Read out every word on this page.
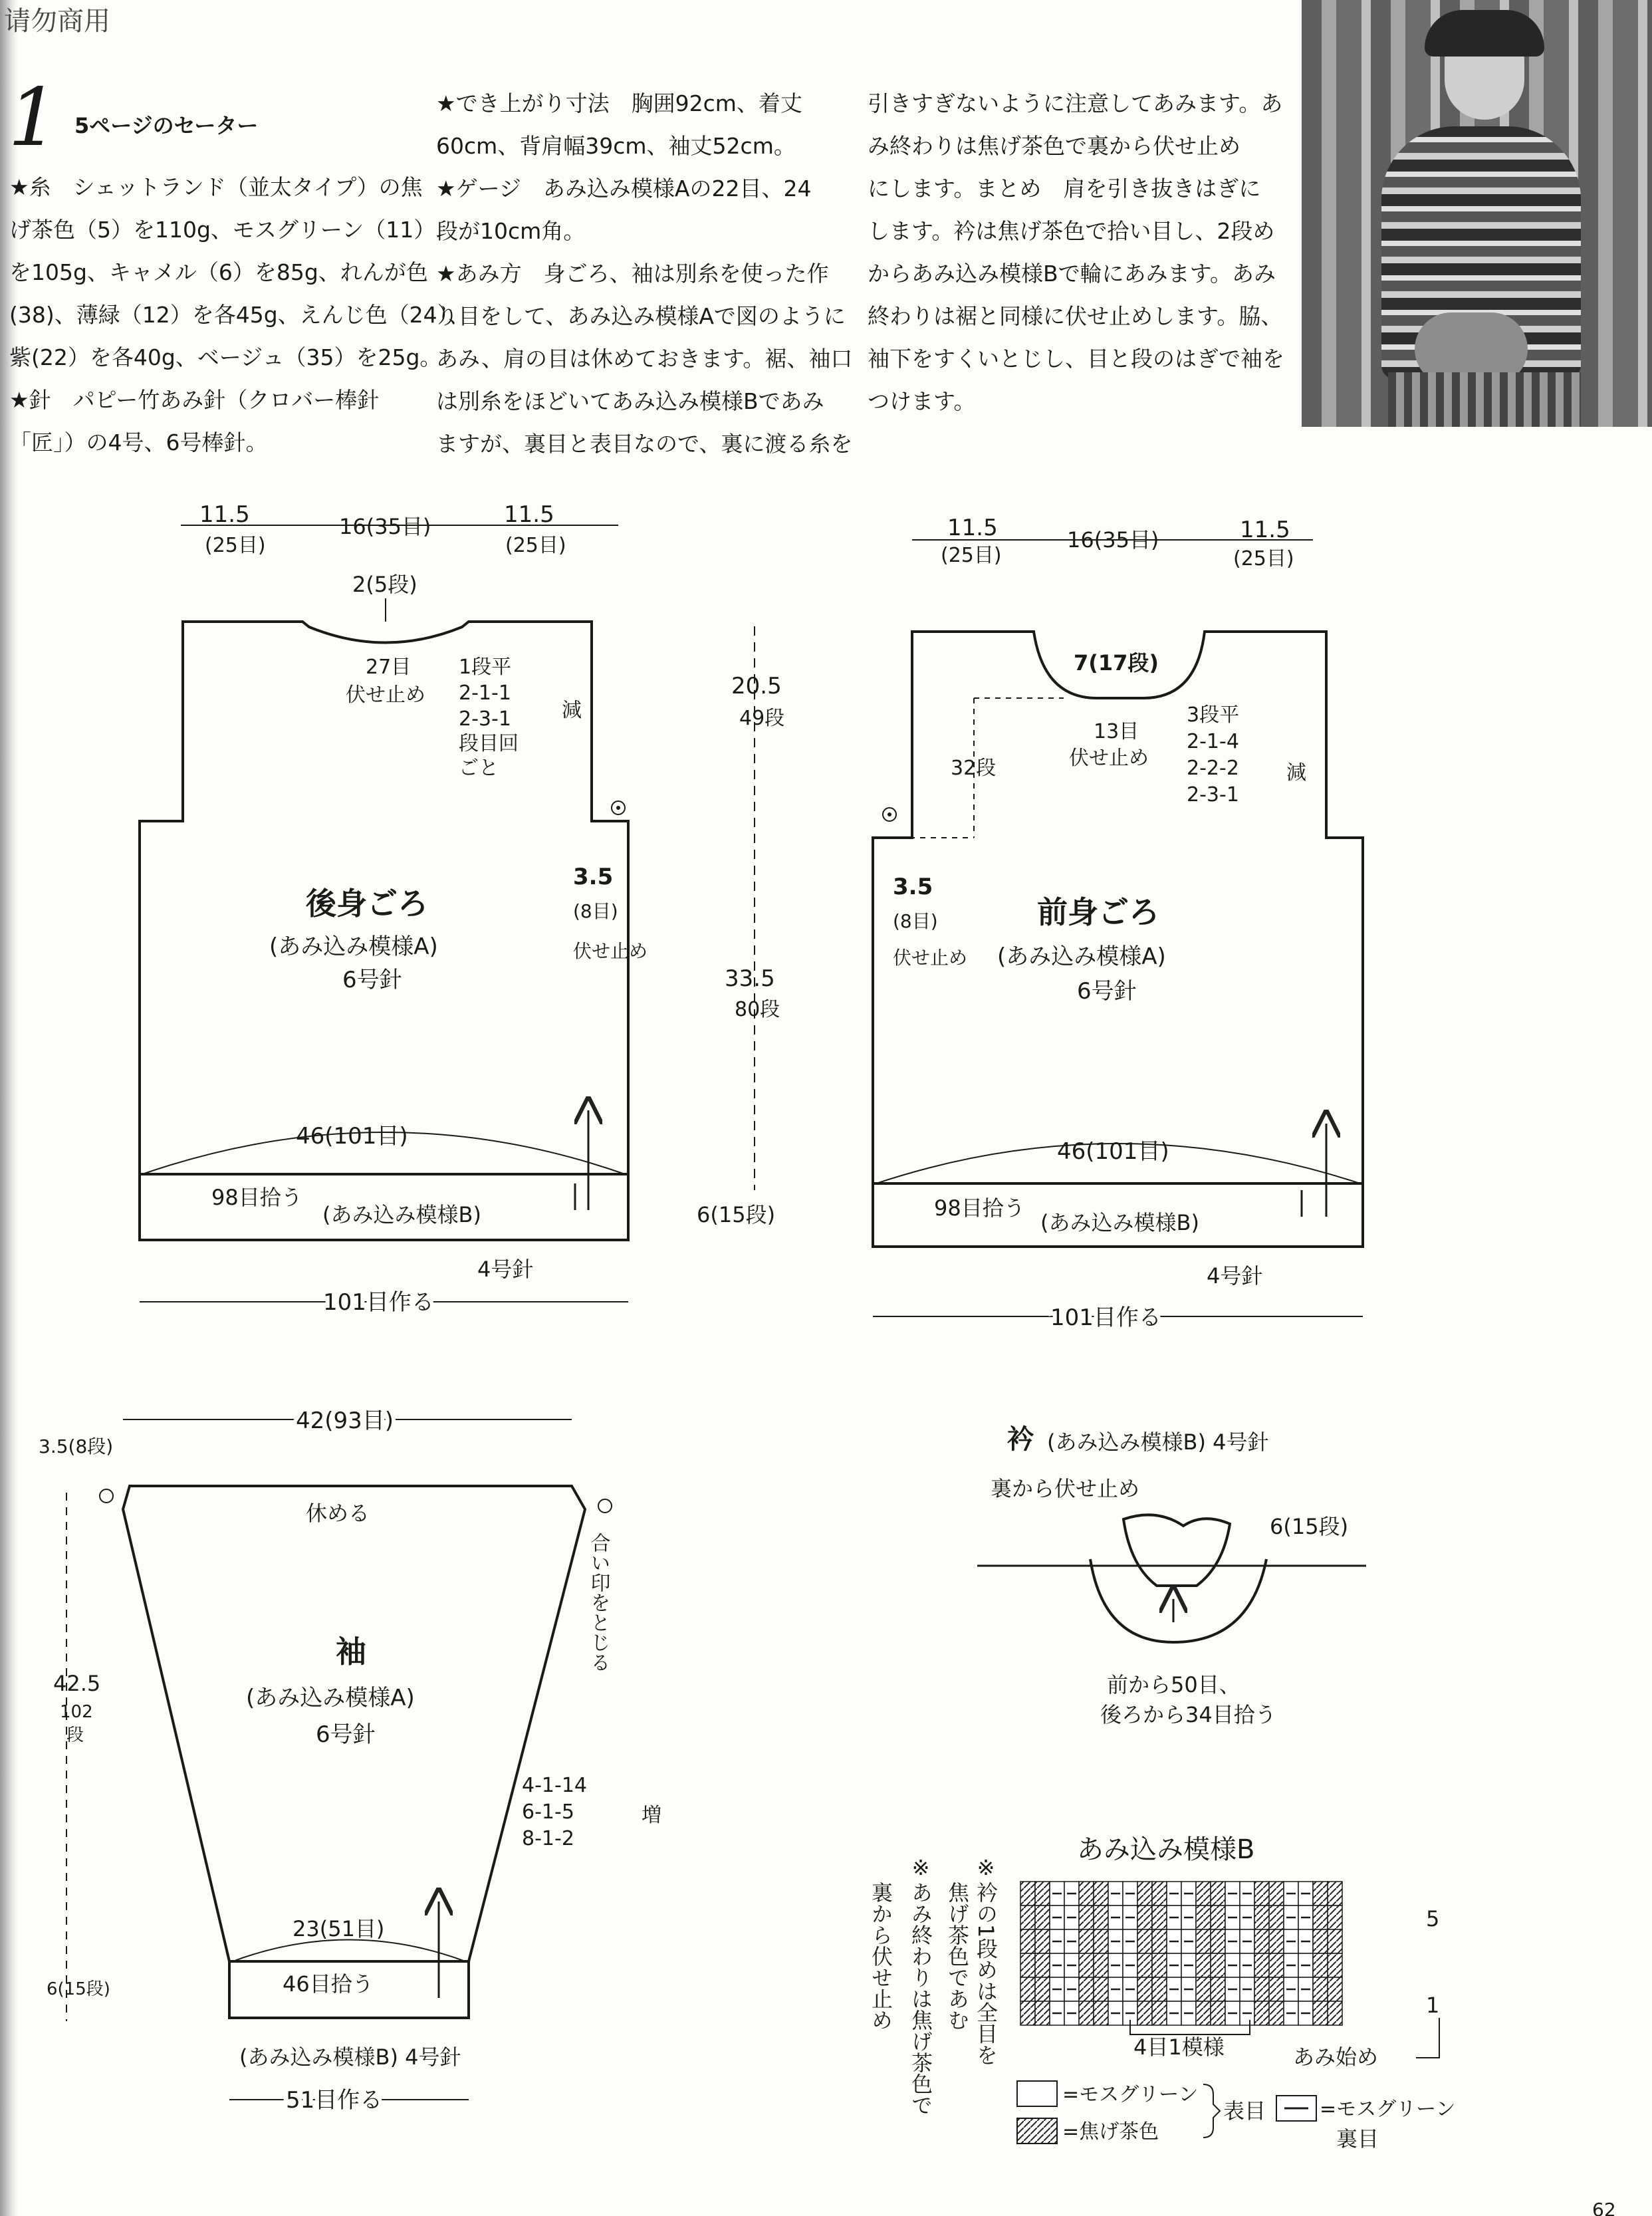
请勿商用
1 5ページのセーター

★糸　シェットランド（並太タイプ）の焦

げ茶色（5）を110g、モスグリーン（11）

を105g、キャメル（6）を85g、れんが色

(38)、薄緑（12）を各45g、えんじ色（24）、

紫(22）を各40g、ベージュ（35）を25g。

★針　パピー竹あみ針（クロバー棒針

「匠」）の4号、6号棒針。

★でき上がり寸法　胸囲92cm、着丈

60cm、背肩幅39cm、袖丈52cm。

★ゲージ　あみ込み模様Aの22目、24

段が10cm角。

★あみ方　身ごろ、袖は別糸を使った作

り目をして、あみ込み模様Aで図のように

あみ、肩の目は休めておきます。裾、袖口

は別糸をほどいてあみ込み模様Bであみ

ますが、裏目と表目なので、裏に渡る糸を

引きすぎないように注意してあみます。あ

み終わりは焦げ茶色で裏から伏せ止め

にします。まとめ　肩を引き抜きはぎに

します。衿は焦げ茶色で拾い目し、2段め

からあみ込み模様Bで輪にあみます。あみ

終わりは裾と同様に伏せ止めします。脇、

袖下をすくいとじし、目と段のはぎで袖を

つけます。

11.5
(25目)
16(35目)	11.5
(25目)
2(5段)
27目
伏せ止め
1段平
2-1-1
2-3-1
段目回
ごと
減
後身ごろ
(あみ込み模様A)
6号針
3.5
(8目)
伏せ止め
46(101目)
98目拾う
(あみ込み模様B)
4号針
101目作る
20.5
49段
33.5
80段
6(15段)
11.5
(25目)
16(35目)	11.5
(25目)
7(17段)
13目
伏せ止め
32段
3段平
2-1-4
2-2-2
2-3-1
減
前身ごろ
(あみ込み模様A)
6号針
3.5
(8目)
伏せ止め
46(101目)
98目拾う
(あみ込み模様B)
4号針
101目作る
42(93目)
3.5(8段)
休める
袖
(あみ込み模様A)
6号針
42.5
102
段
4-1-14
6-1-5
8-1-2
増
23(51目)
46目拾う
6(15段)
(あみ込み模様B) 4号針
51目作る
合い印をとじる
衿 (あみ込み模様B) 4号針
裏から伏せ止め
6(15段)
前から50目、
後ろから34目拾う
※
衿の1段めは全目を
焦げ茶色であむ
※
あみ終わりは焦げ茶色で
裏から伏せ止め
あみ込み模様B
5
1
4目1模様	あみ始め
=モスグリーン
=焦げ茶色
表目	=モスグリーン
裏目
62
